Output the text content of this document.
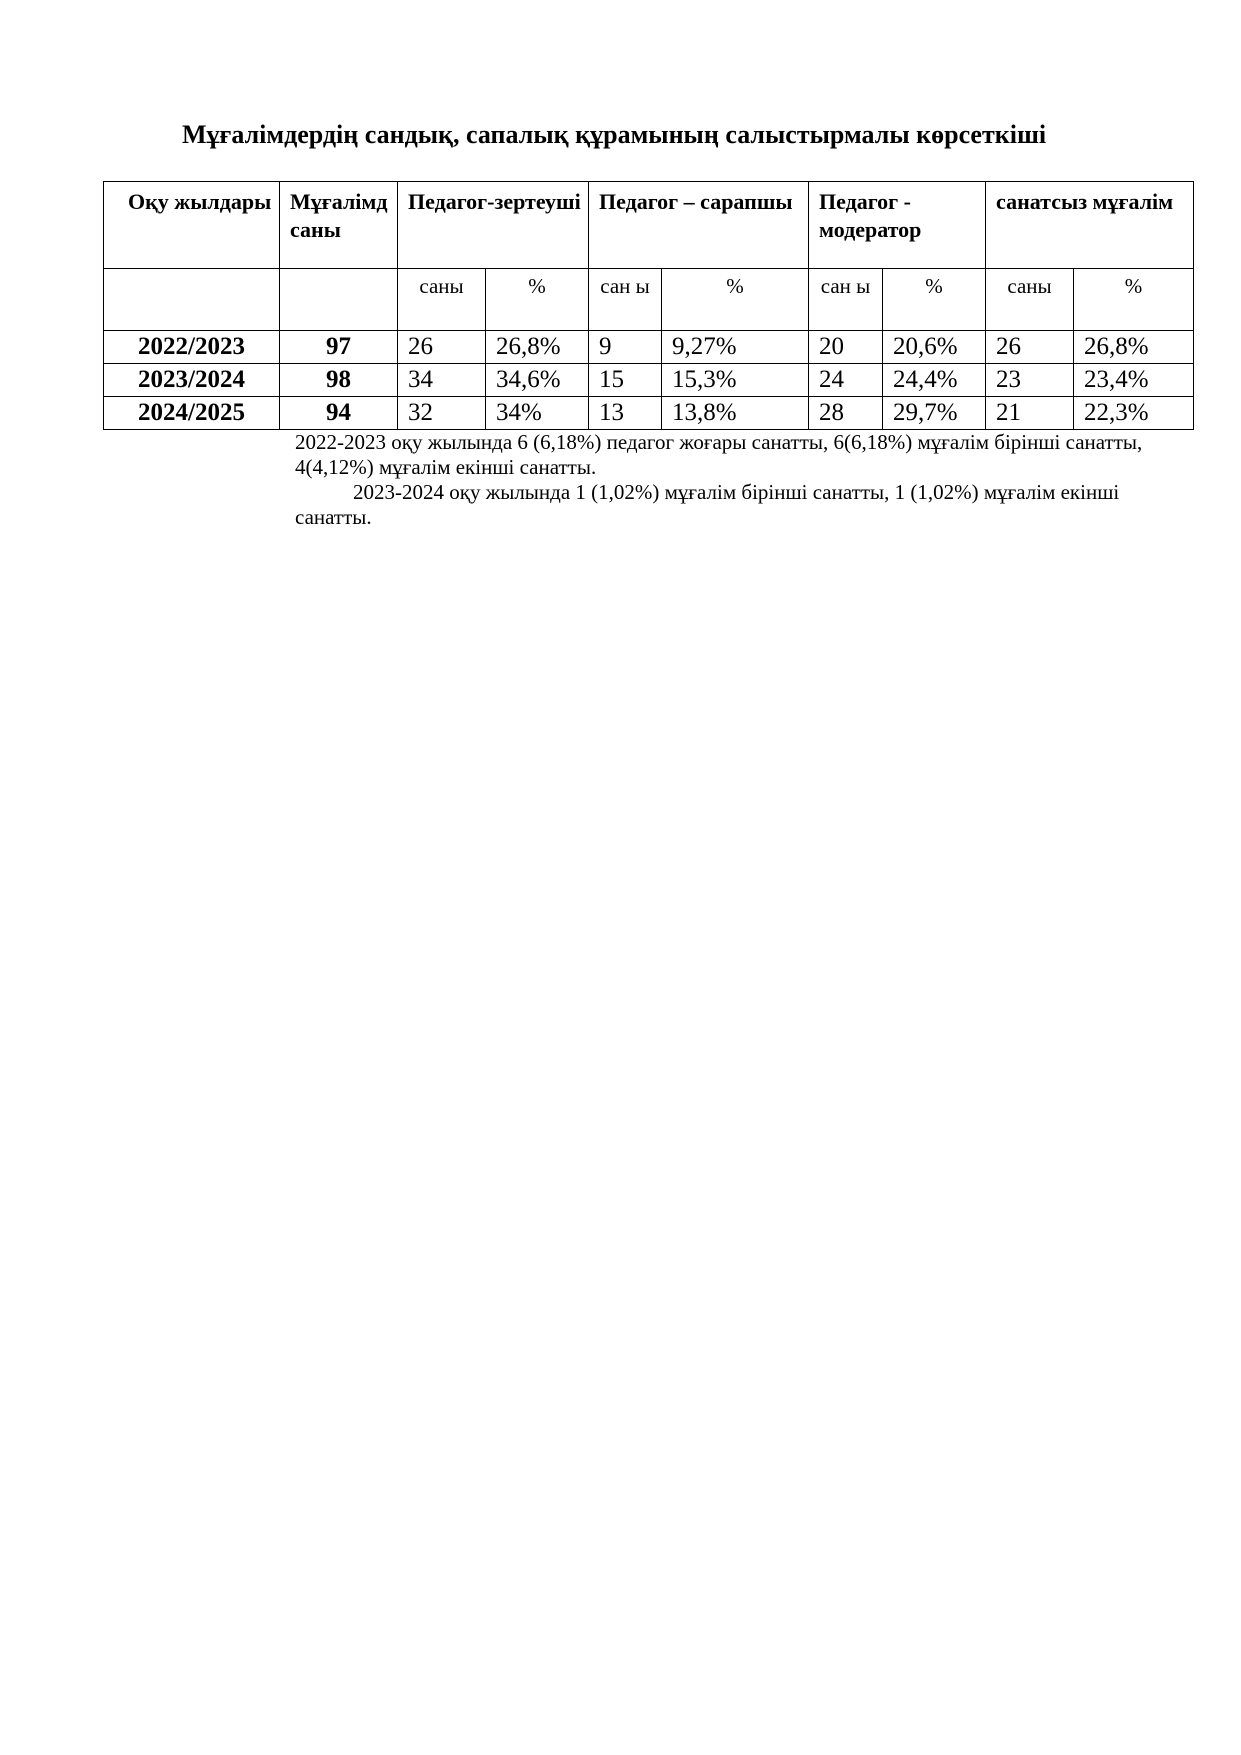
Мұғалімдердің сандық, сапалық құрамының салыстырмалы көрсеткіші
Оқу жылдары	Мұғалімд саны	Педагог-зертеуші		Педагог – сарапшы		Педагог - модератор		санатсыз мұғалім	
		саны	%	сан ы	%	сан ы	%	саны	%
2022/2023	97	26	26,8%	9	9,27%	20	20,6%	26	26,8%
2023/2024	98	34	34,6%	15	15,3%	24	24,4%	23	23,4%
2024/2025	94	32	34%	13	13,8%	28	29,7%	21	22,3%

2022-2023 оқу жылында 6 (6,18%) педагог жоғары санатты, 6(6,18%) мұғалім бірінші санатты, 4(4,12%) мұғалім екінші санатты.

2023-2024 оқу жылында 1 (1,02%) мұғалім бірінші санатты, 1 (1,02%) мұғалім екінші санатты.
